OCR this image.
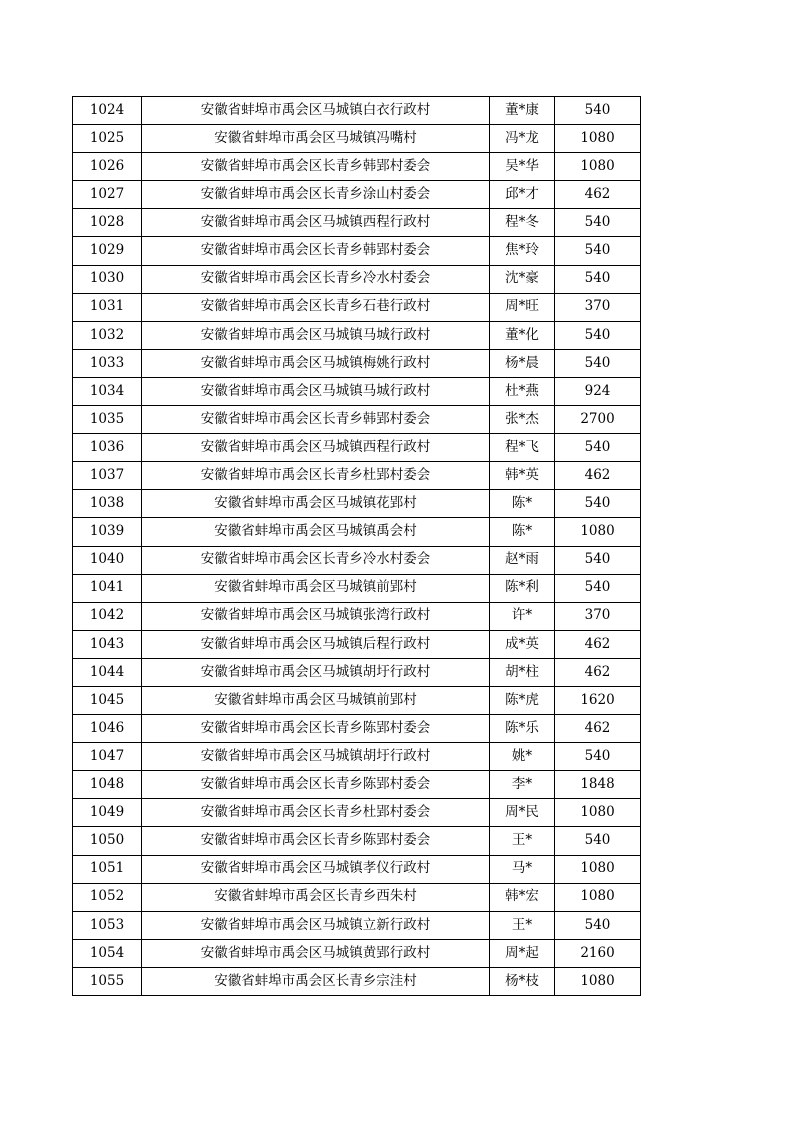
1024	安徽省蚌埠市禹会区马城镇白衣行政村	董*康	540
1025	安徽省蚌埠市禹会区马城镇冯嘴村	冯*龙	1080
1026	安徽省蚌埠市禹会区长青乡韩郢村委会	吴*华	1080
1027	安徽省蚌埠市禹会区长青乡涂山村委会	邱*才	462
1028	安徽省蚌埠市禹会区马城镇西程行政村	程*冬	540
1029	安徽省蚌埠市禹会区长青乡韩郢村委会	焦*玲	540
1030	安徽省蚌埠市禹会区长青乡冷水村委会	沈*豪	540
1031	安徽省蚌埠市禹会区长青乡石巷行政村	周*旺	370
1032	安徽省蚌埠市禹会区马城镇马城行政村	董*化	540
1033	安徽省蚌埠市禹会区马城镇梅姚行政村	杨*晨	540
1034	安徽省蚌埠市禹会区马城镇马城行政村	杜*燕	924
1035	安徽省蚌埠市禹会区长青乡韩郢村委会	张*杰	2700
1036	安徽省蚌埠市禹会区马城镇西程行政村	程*飞	540
1037	安徽省蚌埠市禹会区长青乡杜郢村委会	韩*英	462
1038	安徽省蚌埠市禹会区马城镇花郢村	陈*	540
1039	安徽省蚌埠市禹会区马城镇禹会村	陈*	1080
1040	安徽省蚌埠市禹会区长青乡冷水村委会	赵*雨	540
1041	安徽省蚌埠市禹会区马城镇前郢村	陈*利	540
1042	安徽省蚌埠市禹会区马城镇张湾行政村	许*	370
1043	安徽省蚌埠市禹会区马城镇后程行政村	成*英	462
1044	安徽省蚌埠市禹会区马城镇胡圩行政村	胡*柱	462
1045	安徽省蚌埠市禹会区马城镇前郢村	陈*虎	1620
1046	安徽省蚌埠市禹会区长青乡陈郢村委会	陈*乐	462
1047	安徽省蚌埠市禹会区马城镇胡圩行政村	姚*	540
1048	安徽省蚌埠市禹会区长青乡陈郢村委会	李*	1848
1049	安徽省蚌埠市禹会区长青乡杜郢村委会	周*民	1080
1050	安徽省蚌埠市禹会区长青乡陈郢村委会	王*	540
1051	安徽省蚌埠市禹会区马城镇孝仪行政村	马*	1080
1052	安徽省蚌埠市禹会区长青乡西朱村	韩*宏	1080
1053	安徽省蚌埠市禹会区马城镇立新行政村	王*	540
1054	安徽省蚌埠市禹会区马城镇黄郢行政村	周*起	2160
1055	安徽省蚌埠市禹会区长青乡宗洼村	杨*枝	1080
